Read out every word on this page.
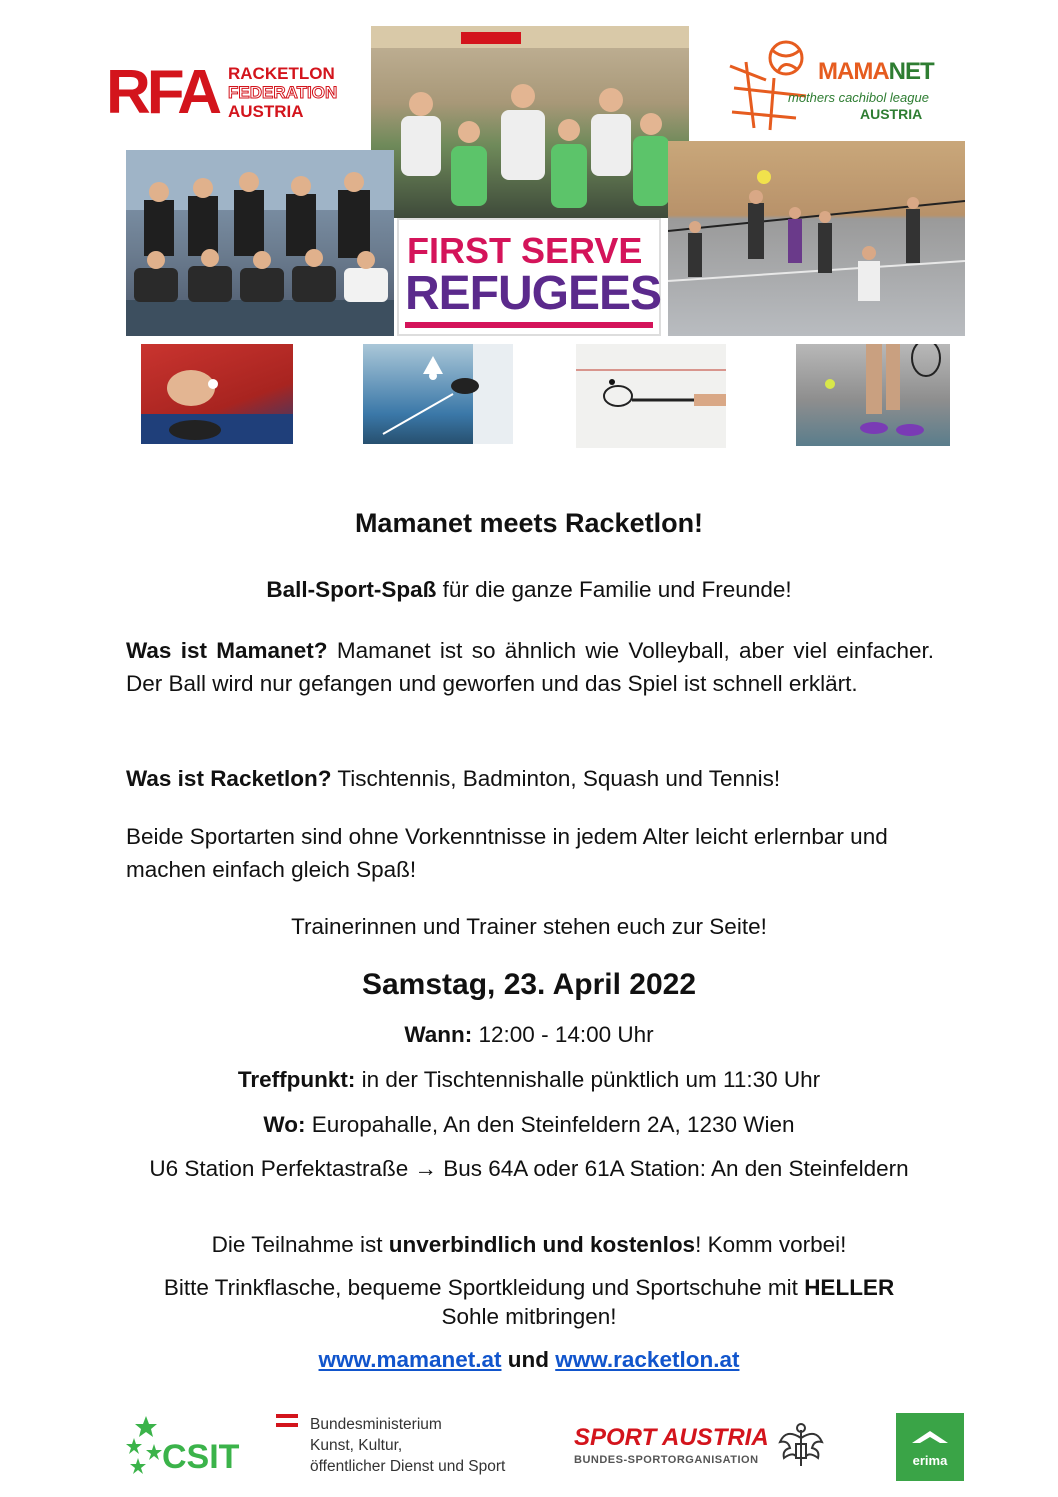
RFA RACKETLON
FEDERATION
AUSTRIA
MAMANET
mothers cachibol league
AUSTRIA
FIRST SERVE
REFUGEES
Mamanet meets Racketlon!
Ball-Sport-Spaß für die ganze Familie und Freunde!
Was ist Mamanet? Mamanet ist so ähnlich wie Volleyball, aber viel einfacher. Der Ball wird nur gefangen und geworfen und das Spiel ist schnell erklärt.
Was ist Racketlon? Tischtennis, Badminton, Squash und Tennis!
Beide Sportarten sind ohne Vorkenntnisse in jedem Alter leicht erlernbar und machen einfach gleich Spaß!
Trainerinnen und Trainer stehen euch zur Seite!
Samstag, 23. April 2022
Wann: 12:00 - 14:00 Uhr
Treffpunkt: in der Tischtennishalle pünktlich um 11:30 Uhr
Wo: Europahalle, An den Steinfeldern 2A, 1230 Wien
U6 Station Perfektastraße → Bus 64A oder 61A Station: An den Steinfeldern
Die Teilnahme ist unverbindlich und kostenlos! Komm vorbei!
Bitte Trinkflasche, bequeme Sportkleidung und Sportschuhe mit HELLER
Sohle mitbringen!
www.mamanet.at und www.racketlon.at
CSIT
Bundesministerium
Kunst, Kultur,
öffentlicher Dienst und Sport
SPORT AUSTRIA
BUNDES-SPORTORGANISATION	erima
